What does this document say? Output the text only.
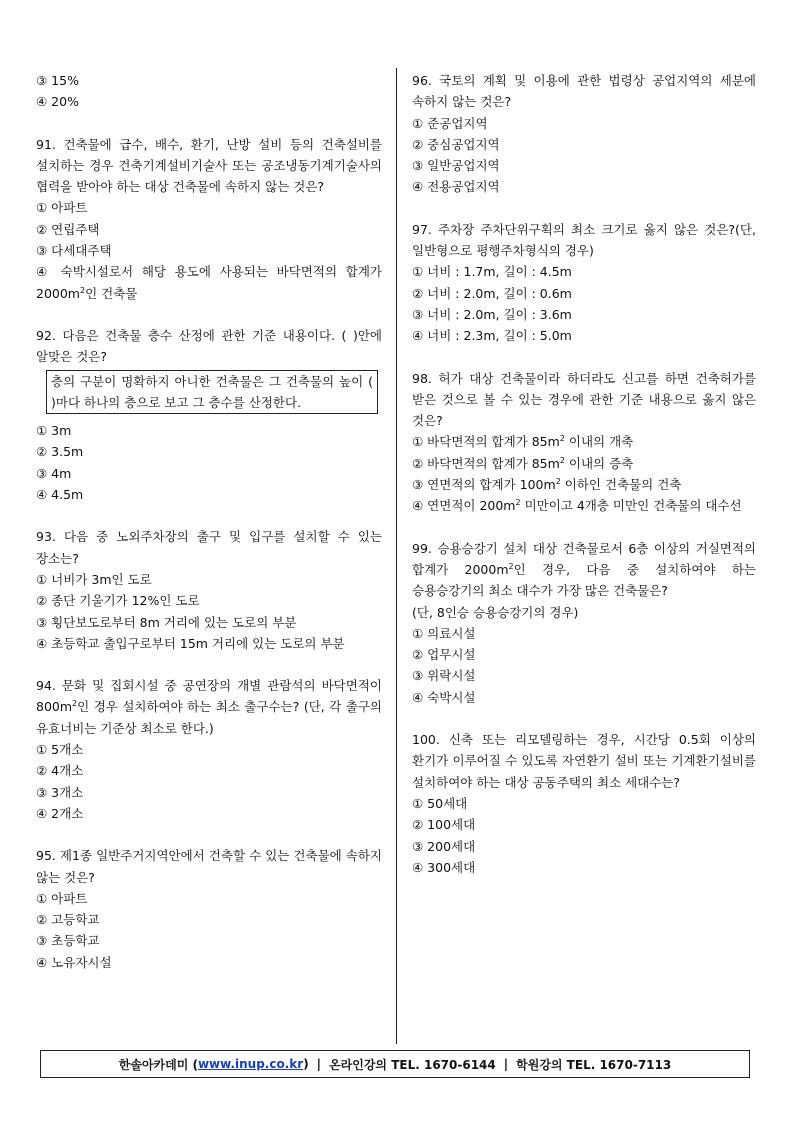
③ 15%
④ 20%
91. 건축물에 급수, 배수, 환기, 난방 설비 등의 건축설비를 설치하는 경우 건축기계설비기술사 또는 공조냉동기계기술사의 협력을 받아야 하는 대상 건축물에 속하지 않는 것은?
① 아파트
② 연립주택
③ 다세대주택
④ 숙박시설로서 해당 용도에 사용되는 바닥면적의 합계가 $2000m^2$인 건축물
92. 다음은 건축물 층수 산정에 관한 기준 내용이다. ( )안에 알맞은 것은?
층의 구분이 명확하지 아니한 건축물은 그 건축물의 높이 ( )마다 하나의 층으로 보고 그 층수를 산정한다.
① 3m
② 3.5m
③ 4m
④ 4.5m
93. 다음 중 노외주차장의 출구 및 입구를 설치할 수 있는 장소는?
① 너비가 3m인 도로
② 종단 기울기가 12%인 도로
③ 횡단보도로부터 8m 거리에 있는 도로의 부분
④ 초등학교 출입구로부터 15m 거리에 있는 도로의 부분
94. 문화 및 집회시설 중 공연장의 개별 관람석의 바닥면적이 $800m^2$인 경우 설치하여야 하는 최소 출구수는? (단, 각 출구의 유효너비는 기준상 최소로 한다.)
① 5개소
② 4개소
③ 3개소
④ 2개소
95. 제1종 일반주거지역안에서 건축할 수 있는 건축물에 속하지 않는 것은?
① 아파트
② 고등학교
③ 초등학교
④ 노유자시설
96. 국토의 계획 및 이용에 관한 법령상 공업지역의 세분에 속하지 않는 것은?
① 준공업지역
② 중심공업지역
③ 일반공업지역
④ 전용공업지역
97. 주차장 주차단위구획의 최소 크기로 옳지 않은 것은?(단, 일반형으로 평행주차형식의 경우)
① 너비 : 1.7m, 길이 : 4.5m
② 너비 : 2.0m, 길이 : 0.6m
③ 너비 : 2.0m, 길이 : 3.6m
④ 너비 : 2.3m, 길이 : 5.0m
98. 허가 대상 건축물이라 하더라도 신고를 하면 건축허가를 받은 것으로 볼 수 있는 경우에 관한 기준 내용으로 옳지 않은 것은?
① 바닥면적의 합계가 $85m^2$ 이내의 개축
② 바닥면적의 합계가 $85m^2$ 이내의 증축
③ 연면적의 합계가 $100m^2$ 이하인 건축물의 건축
④ 연면적이 $200m^2$ 미만이고 4개층 미만인 건축물의 대수선
99. 승용승강기 설치 대상 건축물로서 6층 이상의 거실면적의 합계가 $2000m^2$인 경우, 다음 중 설치하여야 하는 승용승강기의 최소 대수가 가장 많은 건축물은?
(단, 8인승 승용승강기의 경우)
① 의료시설
② 업무시설
③ 위락시설
④ 숙박시설
100. 신축 또는 리모델링하는 경우, 시간당 0.5회 이상의 환기가 이루어질 수 있도록 자연환기 설비 또는 기계환기설비를 설치하여야 하는 대상 공동주택의 최소 세대수는?
① 50세대
② 100세대
③ 200세대
④ 300세대
한솔아카데미 ( www.inup.co.kr ) | 온라인강의 TEL. 1670-6144 | 학원강의 TEL. 1670-7113
